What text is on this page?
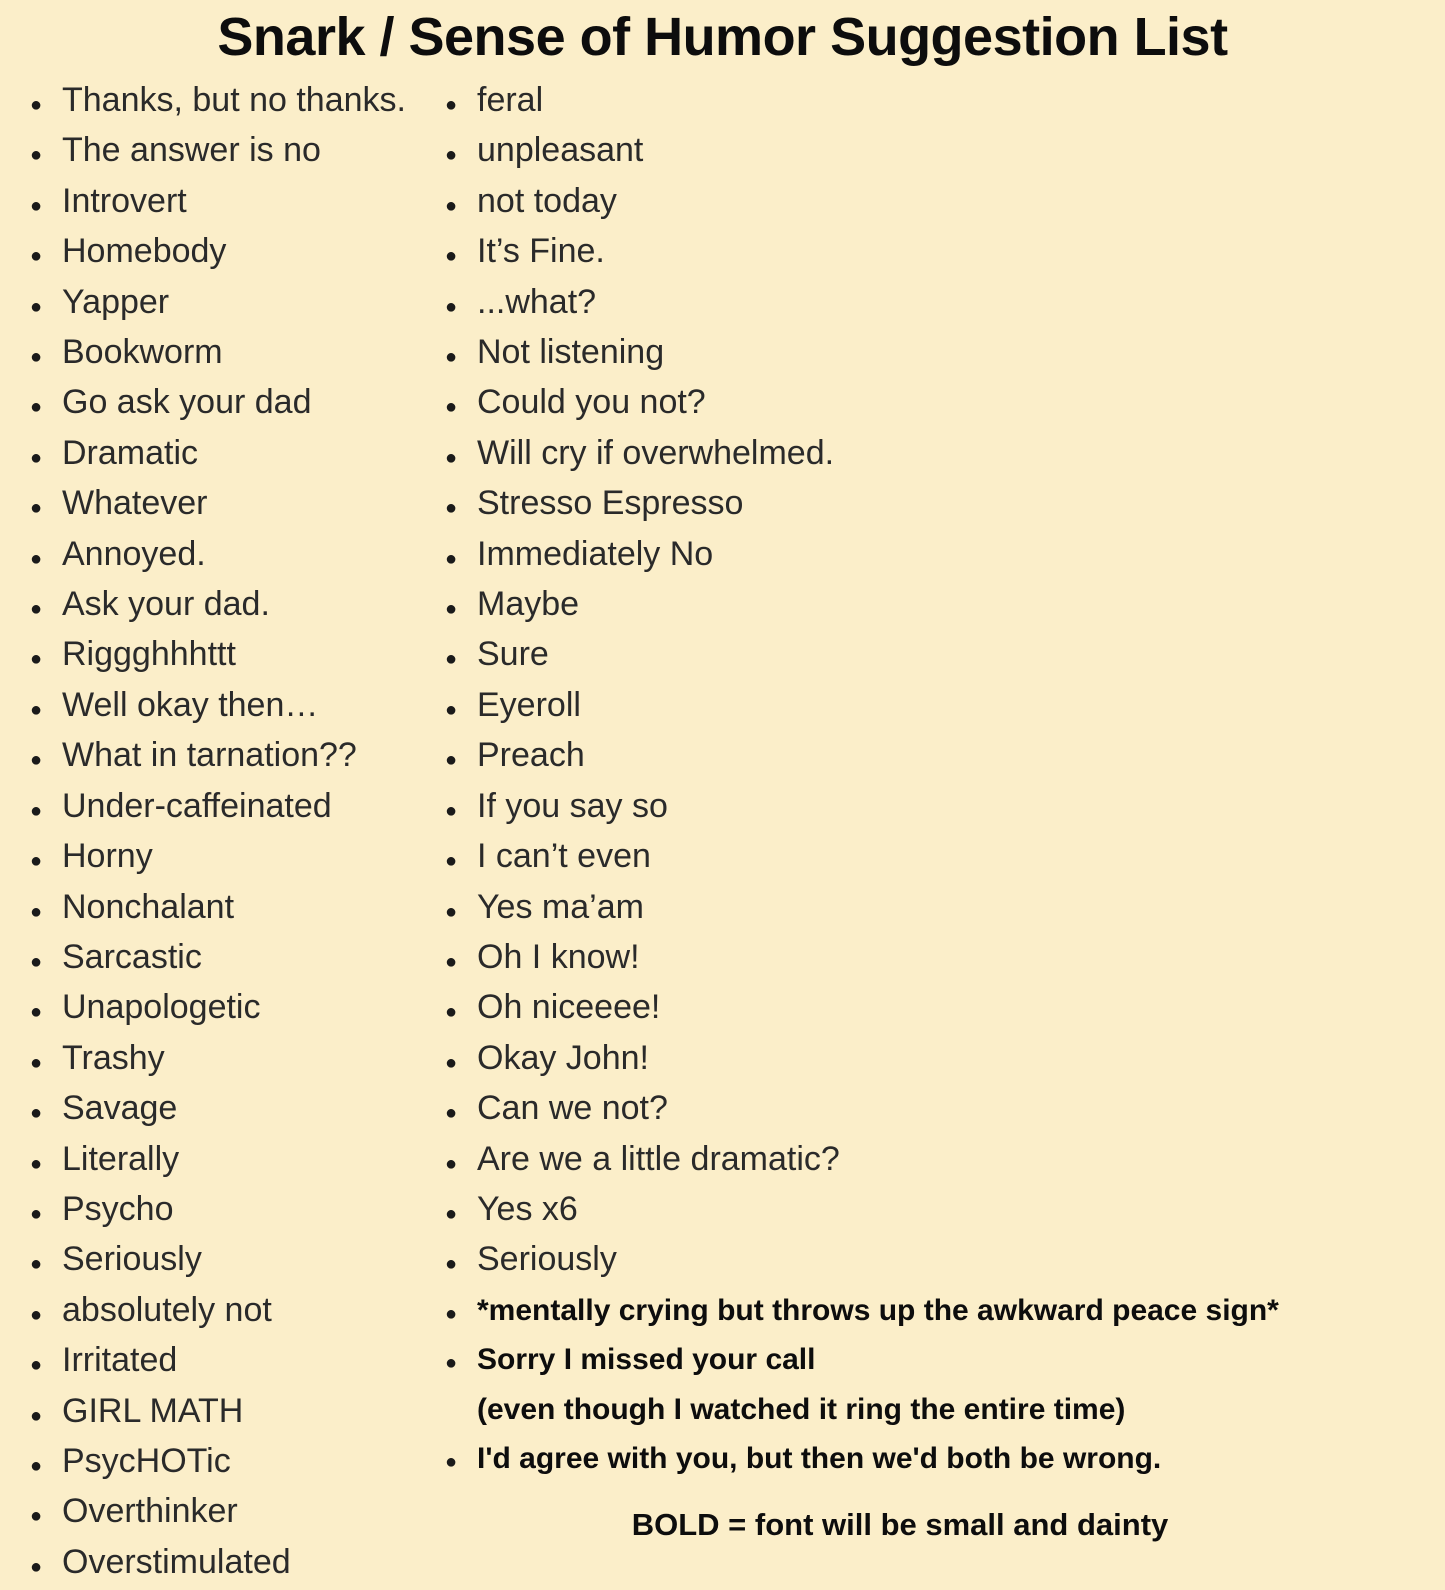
Snark / Sense of Humor Suggestion List
● Thanks, but no thanks.
● The answer is no
● Introvert
● Homebody
● Yapper
● Bookworm
● Go ask your dad
● Dramatic
● Whatever
● Annoyed.
● Ask your dad.
● Riggghhhttt
● Well okay then…
● What in tarnation??
● Under-caffeinated
● Horny
● Nonchalant
● Sarcastic
● Unapologetic
● Trashy
● Savage
● Literally
● Psycho
● Seriously
● absolutely not
● Irritated
● GIRL MATH
● PsycHOTic
● Overthinker
● Overstimulated
● feral
● unpleasant
● not today
● It’s Fine.
● ...what?
● Not listening
● Could you not?
● Will cry if overwhelmed.
● Stresso Espresso
● Immediately No
● Maybe
● Sure
● Eyeroll
● Preach
● If you say so
● I can’t even
● Yes ma’am
● Oh I know!
● Oh niceeee!
● Okay John!
● Can we not?
● Are we a little dramatic?
● Yes x6
● Seriously
● *mentally crying but throws up the awkward peace sign*
● Sorry I missed your call
(even though I watched it ring the entire time)
● I'd agree with you, but then we'd both be wrong.
BOLD = font will be small and dainty
